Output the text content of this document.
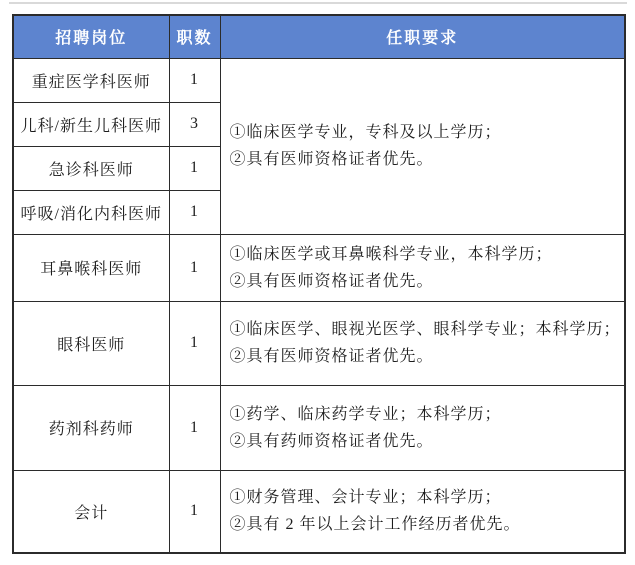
招聘岗位	职数	任职要求
重症医学科医师	1	①临床医学专业，专科及以上学历；
②具有医师资格证者优先。

儿科/新生儿科医师	3	
急诊科医师	1	
呼吸/消化内科医师	1	
耳鼻喉科医师	1	①临床医学或耳鼻喉科学专业，本科学历；
②具有医师资格证者优先。

眼科医师	1	①临床医学、眼视光医学、眼科学专业；本科学历；
②具有医师资格证者优先。

药剂科药师	1	①药学、临床药学专业；本科学历；
②具有药师资格证者优先。

会计	1	①财务管理、会计专业；本科学历；
②具有 2 年以上会计工作经历者优先。
